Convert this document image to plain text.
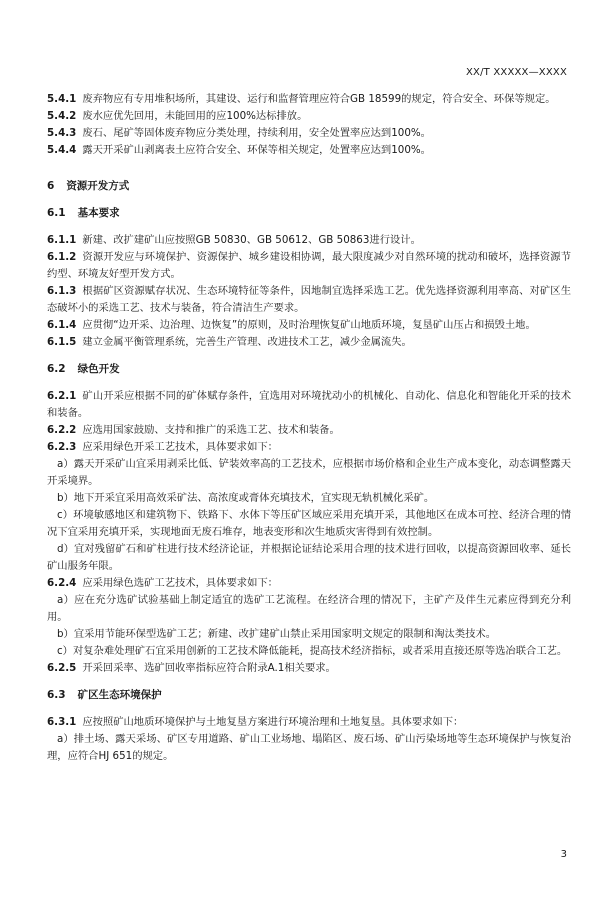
XX/T XXXXX—XXXX

5.4.1 废弃物应有专用堆积场所，其建设、运行和监督管理应符合GB 18599的规定，符合安全、环保等规定。

5.4.2 废水应优先回用，未能回用的应100%达标排放。

5.4.3 废石、尾矿等固体废弃物应分类处理，持续利用，安全处置率应达到100%。

5.4.4 露天开采矿山剥离表土应符合安全、环保等相关规定，处置率应达到100%。

6 资源开发方式

6.1 基本要求

6.1.1 新建、改扩建矿山应按照GB 50830、GB 50612、GB 50863进行设计。

6.1.2 资源开发应与环境保护、资源保护、城乡建设相协调，最大限度减少对自然环境的扰动和破坏，选择资源节约型、环境友好型开发方式。

6.1.3 根据矿区资源赋存状况、生态环境特征等条件，因地制宜选择采选工艺。优先选择资源利用率高、对矿区生态破坏小的采选工艺、技术与装备，符合清洁生产要求。

6.1.4 应贯彻“边开采、边治理、边恢复”的原则，及时治理恢复矿山地质环境，复垦矿山压占和损毁土地。

6.1.5 建立金属平衡管理系统，完善生产管理、改进技术工艺，减少金属流失。

6.2 绿色开发

6.2.1 矿山开采应根据不同的矿体赋存条件，宜选用对环境扰动小的机械化、自动化、信息化和智能化开采的技术和装备。

6.2.2 应选用国家鼓励、支持和推广的采选工艺、技术和装备。

6.2.3 应采用绿色开采工艺技术，具体要求如下：

a）露天开采矿山宜采用剥采比低、铲装效率高的工艺技术，应根据市场价格和企业生产成本变化，动态调整露天开采境界。

b）地下开采宜采用高效采矿法、高浓度或膏体充填技术，宜实现无轨机械化采矿。

c）环境敏感地区和建筑物下、铁路下、水体下等压矿区域应采用充填开采，其他地区在成本可控、经济合理的情况下宜采用充填开采，实现地面无废石堆存，地表变形和次生地质灾害得到有效控制。

d）宜对残留矿石和矿柱进行技术经济论证，并根据论证结论采用合理的技术进行回收，以提高资源回收率、延长矿山服务年限。

6.2.4 应采用绿色选矿工艺技术，具体要求如下：

a）应在充分选矿试验基础上制定适宜的选矿工艺流程。在经济合理的情况下，主矿产及伴生元素应得到充分利用。

b）宜采用节能环保型选矿工艺；新建、改扩建矿山禁止采用国家明文规定的限制和淘汰类技术。

c）对复杂难处理矿石宜采用创新的工艺技术降低能耗，提高技术经济指标，或者采用直接还原等选冶联合工艺。

6.2.5 开采回采率、选矿回收率指标应符合附录A.1相关要求。

6.3 矿区生态环境保护

6.3.1 应按照矿山地质环境保护与土地复垦方案进行环境治理和土地复垦。具体要求如下：

a）排土场、露天采场、矿区专用道路、矿山工业场地、塌陷区、废石场、矿山污染场地等生态环境保护与恢复治理，应符合HJ 651的规定。

3
